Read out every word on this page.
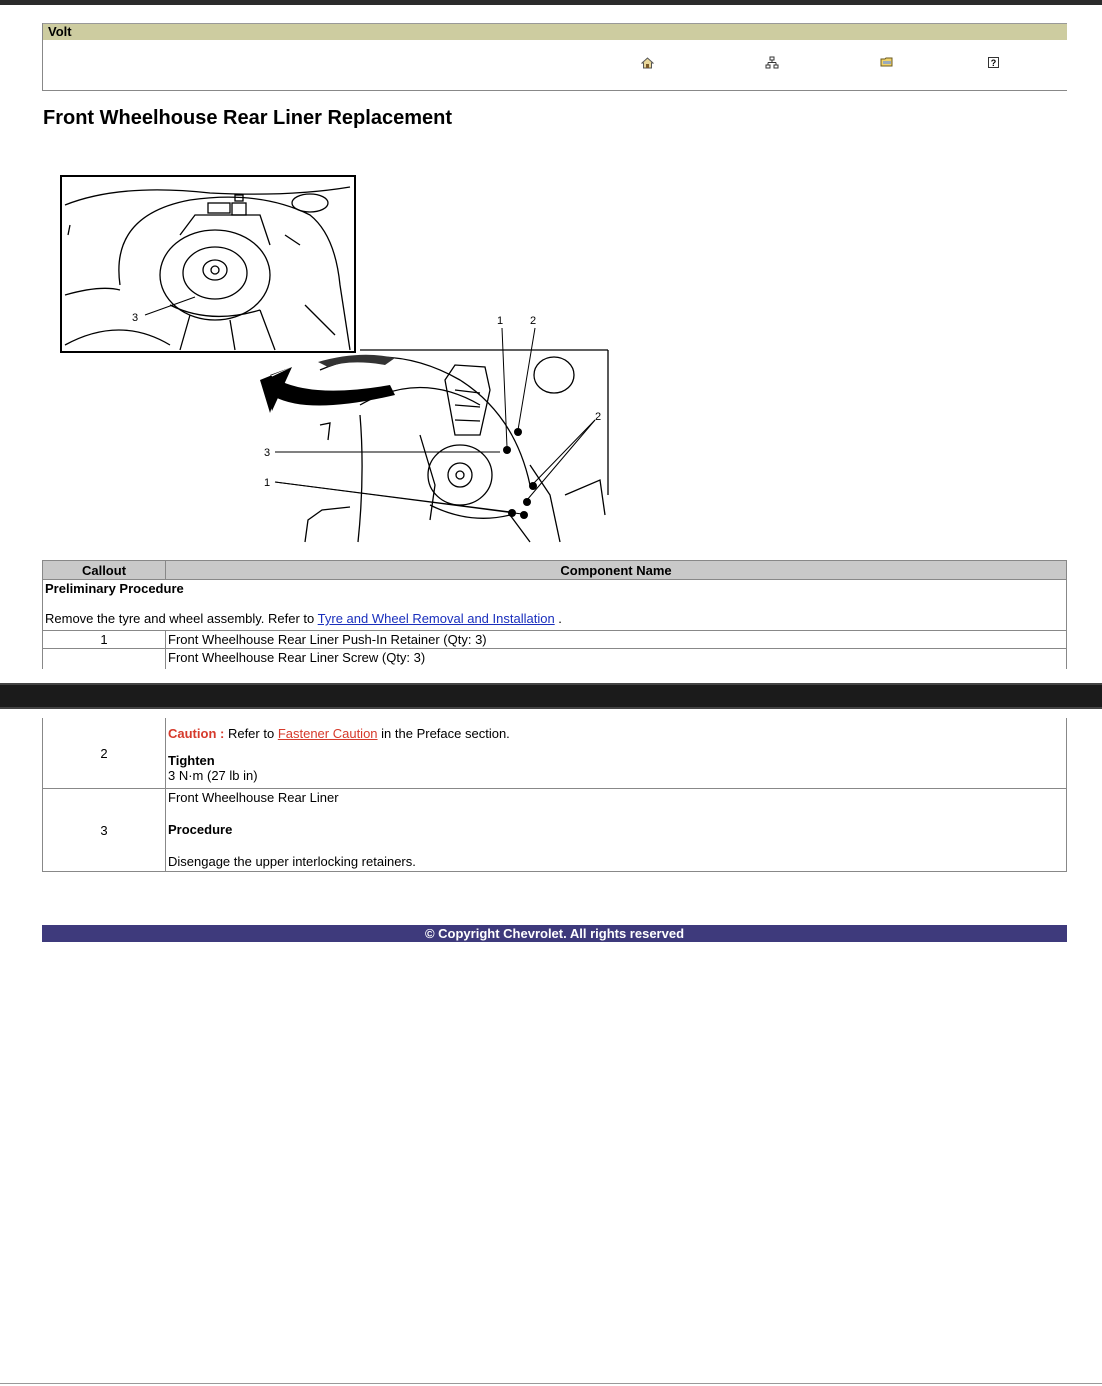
Volt
?
Front Wheelhouse Rear Liner Replacement
3	1 2
2
3
1
Callout	Component Name

Preliminary Procedure
Remove the tyre and wheel assembly. Refer to Tyre and Wheel Removal and Installation .	

1	Front Wheelhouse Rear Liner Push-In Retainer (Qty: 3)
	Front Wheelhouse Rear Liner Screw (Qty: 3)
2	Caution : Refer to Fastener Caution in the Preface section.
Tighten
3 N·m (27 lb in)

3	Front Wheelhouse Rear Liner
Procedure
Disengage the upper interlocking retainers.
© Copyright Chevrolet. All rights reserved
